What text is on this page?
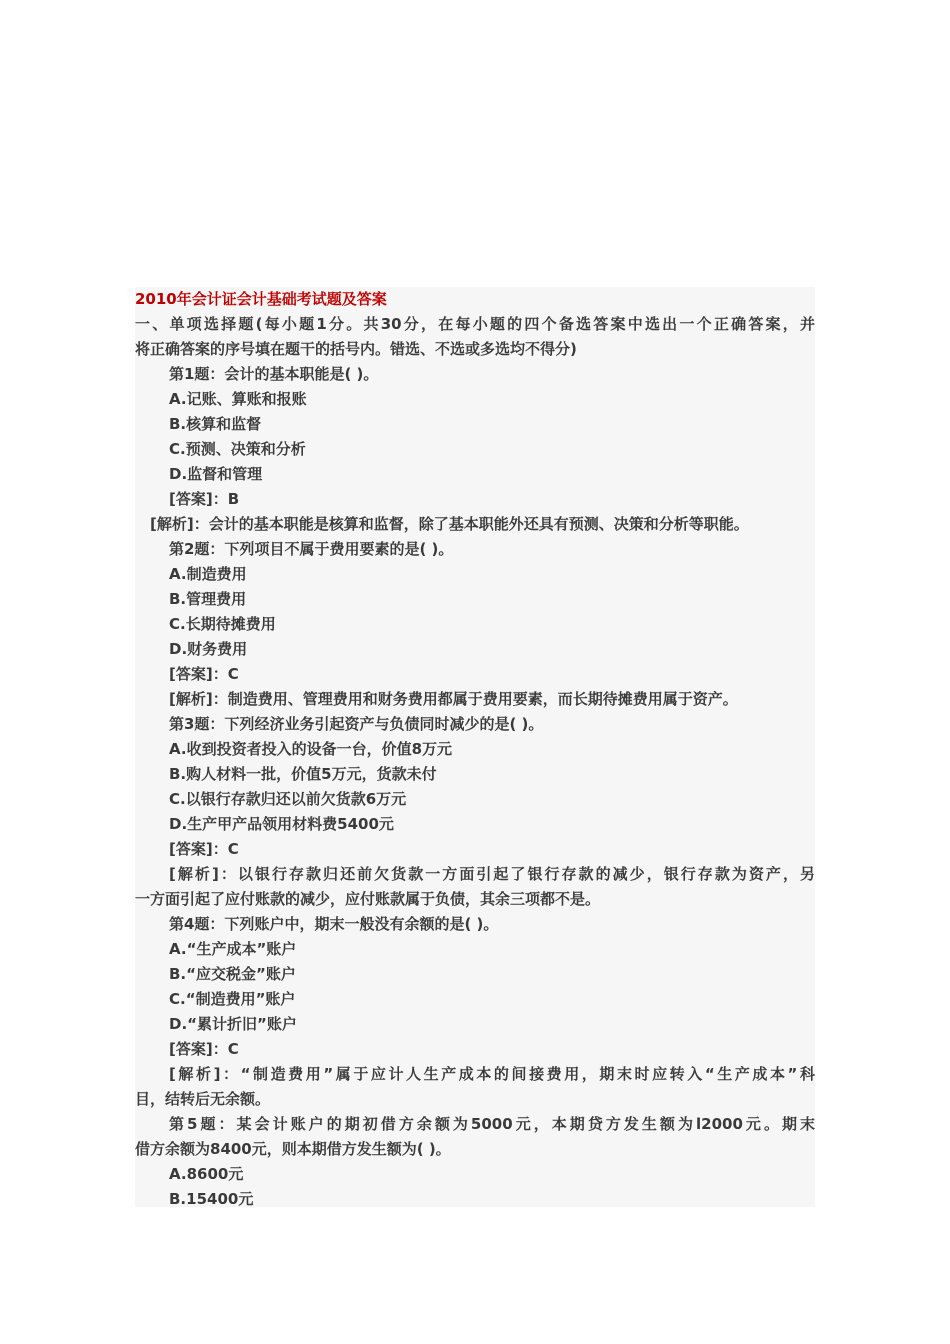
2010年会计证会计基础考试题及答案
一、单项选择题(每小题1分。共30分，在每小题的四个备选答案中选出一个正确答案，并
将正确答案的序号填在题干的括号内。错选、不选或多选均不得分)
第1题：会计的基本职能是( )。
A.记账、算账和报账
B.核算和监督
C.预测、决策和分析
D.监督和管理
[答案]：B
[解析]：会计的基本职能是核算和监督，除了基本职能外还具有预测、决策和分析等职能。
第2题：下列项目不属于费用要素的是( )。
A.制造费用
B.管理费用
C.长期待摊费用
D.财务费用
[答案]：C
[解析]：制造费用、管理费用和财务费用都属于费用要素，而长期待摊费用属于资产。
第3题：下列经济业务引起资产与负债同时减少的是( )。
A.收到投资者投入的设备一台，价值8万元
B.购人材料一批，价值5万元，货款未付
C.以银行存款归还以前欠货款6万元
D.生产甲产品领用材料费5400元
[答案]：C
[解析]：以银行存款归还前欠货款一方面引起了银行存款的减少，银行存款为资产，另
一方面引起了应付账款的减少，应付账款属于负债，其余三项都不是。
第4题：下列账户中，期末一般没有余额的是( )。
A.“生产成本”账户
B.“应交税金”账户
C.“制造费用”账户
D.“累计折旧”账户
[答案]：C
[解析]：“制造费用”属于应计人生产成本的间接费用，期末时应转入“生产成本”科
目，结转后无余额。
第5题：某会计账户的期初借方余额为5000元，本期贷方发生额为l2000元。期末
借方余额为8400元，则本期借方发生额为( )。
A.8600元
B.15400元
